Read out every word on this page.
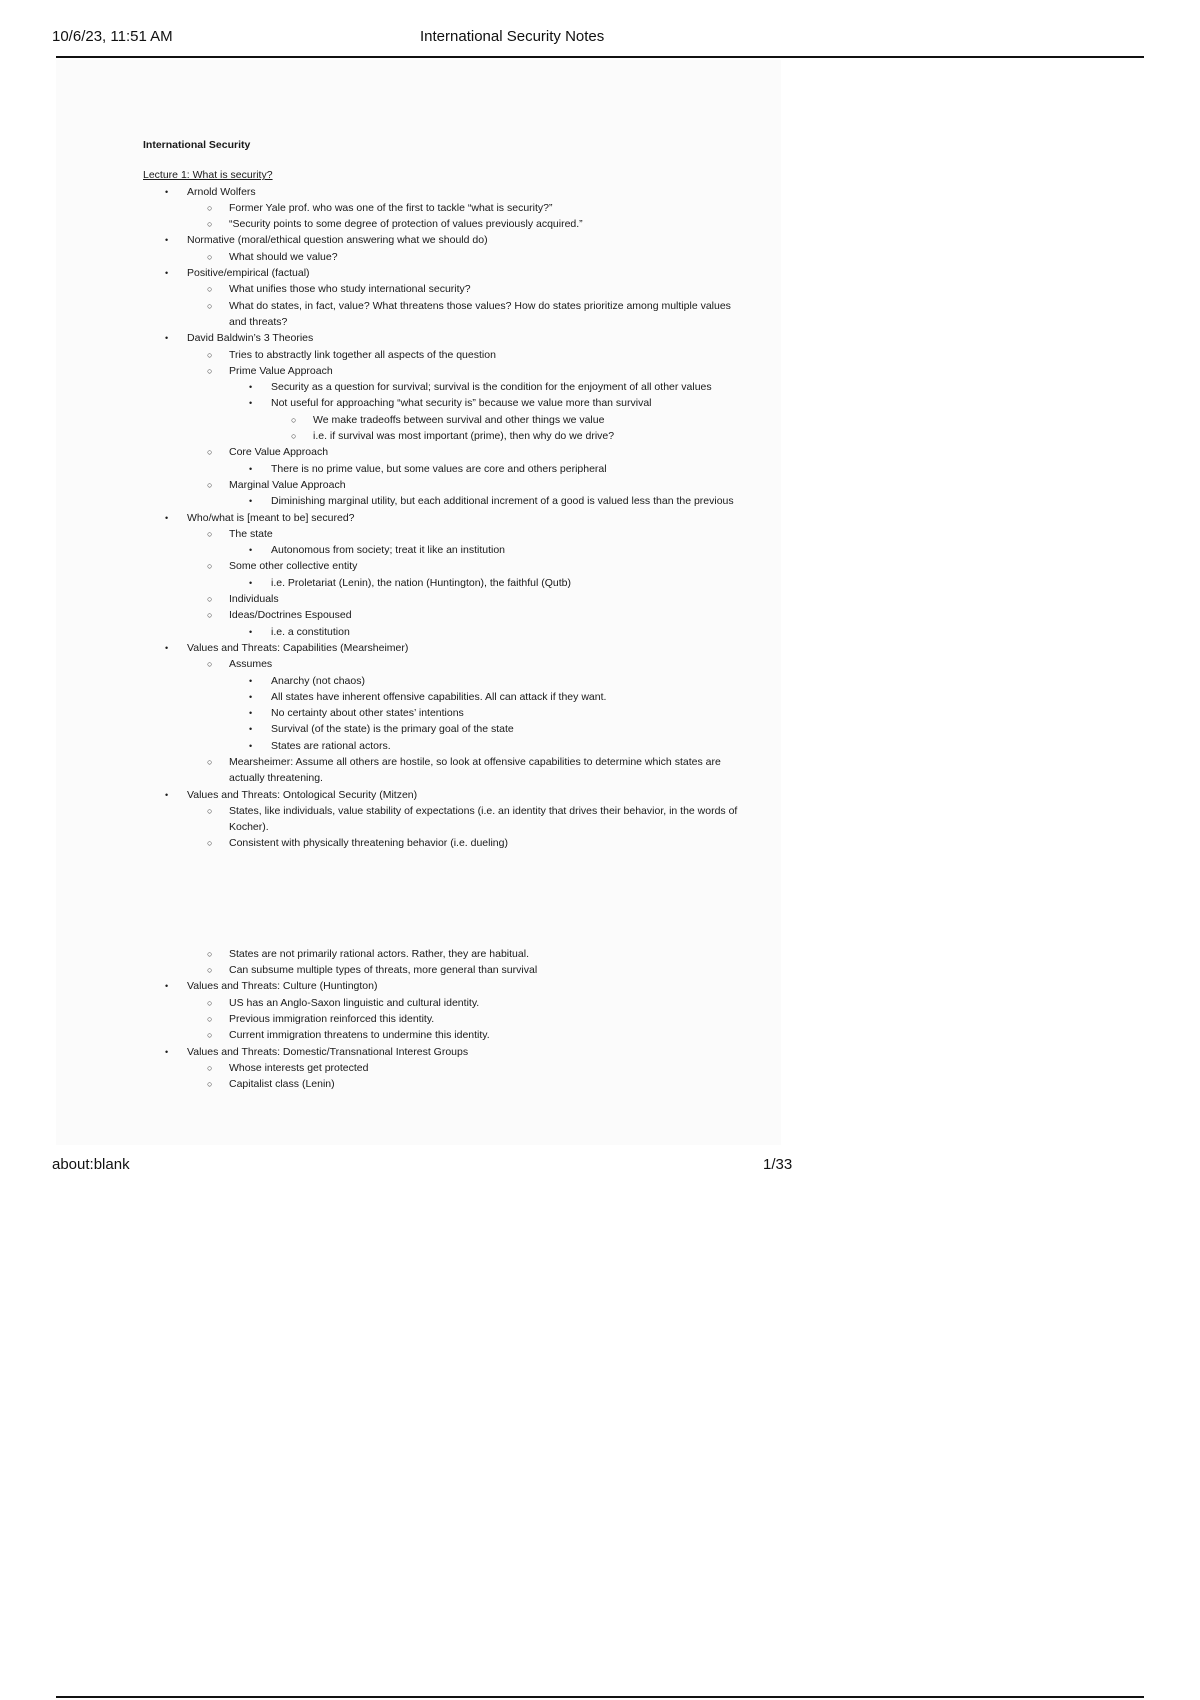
10/6/23, 11:51 AM	International Security Notes
International Security
Lecture 1: What is security?
• Arnold Wolfers
○ Former Yale prof. who was one of the first to tackle “what is security?”
○ “Security points to some degree of protection of values previously acquired.”
• Normative (moral/ethical question answering what we should do)
○ What should we value?
• Positive/empirical (factual)
○ What unifies those who study international security?
○ What do states, in fact, value? What threatens those values? How do states prioritize among multiple values and threats?
• David Baldwin’s 3 Theories
○ Tries to abstractly link together all aspects of the question
○ Prime Value Approach
• Security as a question for survival; survival is the condition for the enjoyment of all other values
• Not useful for approaching “what security is” because we value more than survival
○ We make tradeoffs between survival and other things we value
○ i.e. if survival was most important (prime), then why do we drive?
○ Core Value Approach
• There is no prime value, but some values are core and others peripheral
○ Marginal Value Approach
• Diminishing marginal utility, but each additional increment of a good is valued less than the previous
• Who/what is [meant to be] secured?
○ The state
• Autonomous from society; treat it like an institution
○ Some other collective entity
• i.e. Proletariat (Lenin), the nation (Huntington), the faithful (Qutb)
○ Individuals
○ Ideas/Doctrines Espoused
• i.e. a constitution
• Values and Threats: Capabilities (Mearsheimer)
○ Assumes
• Anarchy (not chaos)
• All states have inherent offensive capabilities. All can attack if they want.
• No certainty about other states’ intentions
• Survival (of the state) is the primary goal of the state
• States are rational actors.
○ Mearsheimer: Assume all others are hostile, so look at offensive capabilities to determine which states are actually threatening.
• Values and Threats: Ontological Security (Mitzen)
○ States, like individuals, value stability of expectations (i.e. an identity that drives their behavior, in the words of Kocher).
○ Consistent with physically threatening behavior (i.e. dueling)
○ States are not primarily rational actors. Rather, they are habitual.
○ Can subsume multiple types of threats, more general than survival
• Values and Threats: Culture (Huntington)
○ US has an Anglo-Saxon linguistic and cultural identity.
○ Previous immigration reinforced this identity.
○ Current immigration threatens to undermine this identity.
• Values and Threats: Domestic/Transnational Interest Groups
○ Whose interests get protected
○ Capitalist class (Lenin)
about:blank	1/33
